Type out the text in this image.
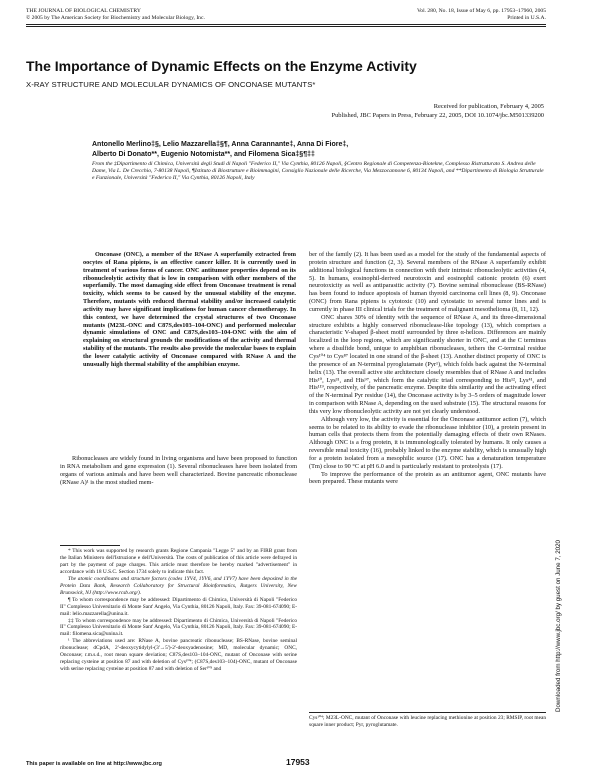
THE JOURNAL OF BIOLOGICAL CHEMISTRY
© 2005 by The American Society for Biochemistry and Molecular Biology, Inc.
Vol. 280, No. 18, Issue of May 6, pp. 17953–17960, 2005
Printed in U.S.A.
The Importance of Dynamic Effects on the Enzyme Activity
X-RAY STRUCTURE AND MOLECULAR DYNAMICS OF ONCONASE MUTANTS*
Received for publication, February 4, 2005
Published, JBC Papers in Press, February 22, 2005, DOI 10.1074/jbc.M501339200
Antonello Merlino‡§, Lelio Mazzarella‡§¶, Anna Carannante‡, Anna Di Fiore‡,
Alberto Di Donato**, Eugenio Notomista**, and Filomena Sica‡§¶‡‡
From the ‡Dipartimento di Chimica, Università degli Studi di Napoli "Federico II," Via Cynthia, 80126 Napoli, §Centro Regionale di Competenza-Biotekne, Complesso Ristrutturato S. Andrea delle Dame, Via L. De Crecchio, 7-80138 Napoli, ¶Istituto di Biostrutture e Bioimmagini, Consiglio Nazionale delle Ricerche, Via Mezzocannone 6, 80134 Napoli, and **Dipartimento di Biologia Strutturale e Funzionale, Università "Federico II," Via Cynthia, 80126 Napoli, Italy

Onconase (ONC), a member of the RNase A superfamily extracted from oocytes of Rana pipiens, is an effective cancer killer. It is currently used in treatment of various forms of cancer. ONC antitumor properties depend on its ribonucleolytic activity that is low in comparison with other members of the superfamily. The most damaging side effect from Onconase treatment is renal toxicity, which seems to be caused by the unusual stability of the enzyme. Therefore, mutants with reduced thermal stability and/or increased catalytic activity may have significant implications for human cancer chemotherapy. In this context, we have determined the crystal structures of two Onconase mutants (M23L-ONC and C87S,des103–104-ONC) and performed molecular dynamic simulations of ONC and C87S,des103–104-ONC with the aim of explaining on structural grounds the modifications of the activity and thermal stability of the mutants. The results also provide the molecular bases to explain the lower catalytic activity of Onconase compared with RNase A and the unusually high thermal stability of the amphibian enzyme.

Ribonucleases are widely found in living organisms and have been proposed to function in RNA metabolism and gene expression (1). Several ribonucleases have been isolated from organs of various animals and have been well characterized. Bovine pancreatic ribonuclease (RNase A)¹ is the most studied mem-

* This work was supported by research grants Regione Campania "Legge 5" and by an FIRB grant from the Italian Ministero dell'Istruzione e dell'Università. The costs of publication of this article were defrayed in part by the payment of page charges. This article must therefore be hereby marked "advertisement" in accordance with 18 U.S.C. Section 1734 solely to indicate this fact.

The atomic coordinates and structure factors (codes 1YV4, 1YV6, and 1YV7) have been deposited in the Protein Data Bank, Research Collaboratory for Structural Bioinformatics, Rutgers University, New Brunswick, NJ (http://www.rcsb.org/).

¶ To whom correspondence may be addressed: Dipartimento di Chimica, Università di Napoli "Federico II" Complesso Universitario di Monte Sant' Angelo, Via Cynthia, 80126 Napoli, Italy. Fax: 39-081-674090; E-mail: lelio.mazzarella@unina.it.

‡‡ To whom correspondence may be addressed: Dipartimento di Chimica, Università di Napoli "Federico II" Complesso Universitario di Monte Sant' Angelo, Via Cynthia, 80126 Napoli, Italy. Fax: 39-081-674090; E-mail: filomena.sica@unina.it.

¹ The abbreviations used are: RNase A, bovine pancreatic ribonuclease; BS-RNase, bovine seminal ribonuclease; dCpdA, 2'-deoxycytidylyl-(3'→5')-2'-deoxyadenosine; MD, molecular dynamic; ONC, Onconase; r.m.s.d., root mean square deviation; C87S,des103–104-ONC, mutant of Onconase with serine replacing cysteine at position 87 and with deletion of Cys¹⁰⁴; (C87S,des103–104)-ONC, mutant of Onconase with serine replacing cysteine at position 87 and with deletion of Ser¹⁰³ and

ber of the family (2). It has been used as a model for the study of the fundamental aspects of protein structure and function (2, 3). Several members of the RNase A superfamily exhibit additional biological functions in connection with their intrinsic ribonucleolytic activities (4, 5). In humans, eosinophil-derived neurotoxin and eosinophil cationic protein (6) exert neurotoxicity as well as antiparasitic activity (7). Bovine seminal ribonuclease (BS-RNase) has been found to induce apoptosis of human thyroid carcinoma cell lines (8, 9). Onconase (ONC) from Rana pipiens is cytotoxic (10) and cytostatic to several tumor lines and is currently in phase III clinical trials for the treatment of malignant mesothelioma (8, 11, 12).

ONC shares 30% of identity with the sequence of RNase A, and its three-dimensional structure exhibits a highly conserved ribonuclease-like topology (13), which comprises a characteristic V-shaped β-sheet motif surrounded by three α-helices. Differences are mainly localized in the loop regions, which are significantly shorter in ONC, and at the C terminus where a disulfide bond, unique to amphibian ribonucleases, tethers the C-terminal residue Cys¹⁰⁴ to Cys⁸⁷ located in one strand of the β-sheet (13). Another distinct property of ONC is the presence of an N-terminal pyroglutamate (Pyr¹), which folds back against the N-terminal helix (13). The overall active site architecture closely resembles that of RNase A and includes His¹⁰, Lys³¹, and His⁹⁷, which form the catalytic triad corresponding to His¹², Lys⁴¹, and His¹¹⁹, respectively, of the pancreatic enzyme. Despite this similarity and the activating effect of the N-terminal Pyr residue (14), the Onconase activity is by 3–5 orders of magnitude lower in comparison with RNase A, depending on the used substrate (15). The structural reasons for this very low ribonucleolytic activity are not yet clearly understood.

Although very low, the activity is essential for the Onconase antitumor action (7), which seems to be related to its ability to evade the ribonuclease inhibitor (10), a protein present in human cells that protects them from the potentially damaging effects of their own RNases. Although ONC is a frog protein, it is immunologically tolerated by humans. It only causes a reversible renal toxicity (16), probably linked to the enzyme stability, which is unusually high for a protein isolated from a mesophilic source (17). ONC has a denaturation temperature (Tm) close to 90 °C at pH 6.0 and is particularly resistant to proteolysis (17).

To improve the performance of the protein as an antitumor agent, ONC mutants have been prepared. These mutants were

Cys¹⁰⁴; M23L-ONC, mutant of Onconase with leucine replacing methionine at position 23; RMSIP, root mean square inner product; Pyr, pyroglutamate.
Downloaded from http://www.jbc.org/ by guest on June 7, 2020
This paper is available on line at http://www.jbc.org	17953
